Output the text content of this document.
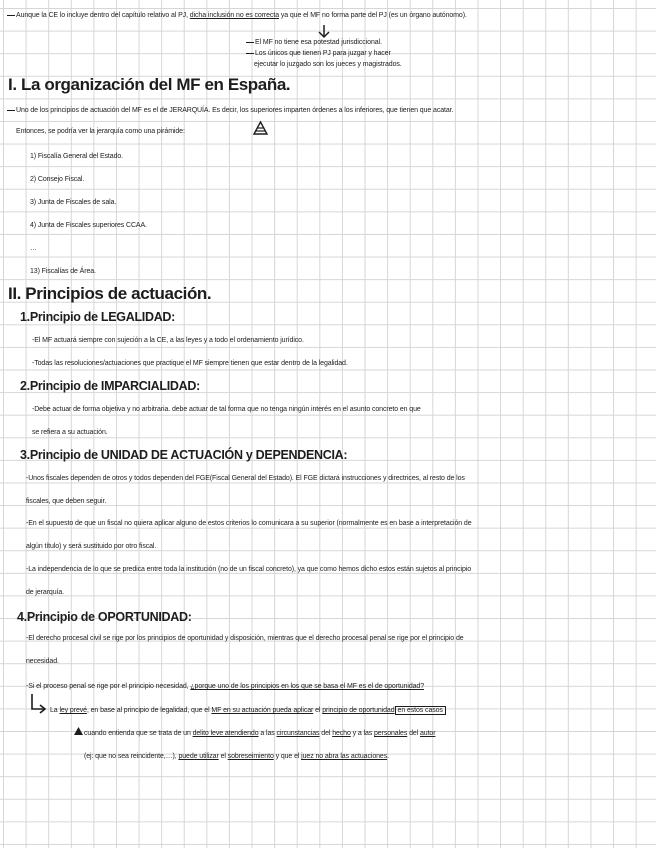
Aunque la CE lo incluye dentro del capítulo relativo al PJ, dicha inclusión no es correcta ya que el MF no forma parte del PJ (es un órgano autónomo).
El MF no tiene esa potestad jurisdiccional.
Los únicos que tienen PJ para juzgar y hacer
ejecutar lo juzgado son los jueces y magistrados.
I. La organización del MF en España.
Uno de los principios de actuación del MF es el de JERARQUÍA. Es decir, los superiores imparten órdenes a los inferiores, que tienen que acatar.
Entonces, se podría ver la jerarquía como una pirámide:
1) Fiscalía General del Estado.
2) Consejo Fiscal.
3) Junta de Fiscales de sala.
4) Junta de Fiscales superiores CCAA.
…
13) Fiscalías de Área.
II. Principios de actuación.
1.Principio de LEGALIDAD:
-El MF actuará siempre con sujeción a la CE, a las leyes y a todo el ordenamiento jurídico.
-Todas las resoluciones/actuaciones que practique el MF siempre tienen que estar dentro de la legalidad.
2.Principio de IMPARCIALIDAD:
-Debe actuar de forma objetiva y no arbitraria. debe actuar de tal forma que no tenga ningún interés en el asunto concreto en que
se refiera a su actuación.
3.Principio de UNIDAD DE ACTUACIÓN y DEPENDENCIA:
-Unos fiscales dependen de otros y todos dependen del FGE(Fiscal General del Estado). El FGE dictará instrucciones y directrices, al resto de los
fiscales, que deben seguir.
-En el supuesto de que un fiscal no quiera aplicar alguno de estos criterios lo comunicara a su superior (normalmente es en base a interpretación de
algún título) y será sustituido por otro fiscal.
-La independencia de lo que se predica entre toda la institución (no de un fiscal concreto), ya que como hemos dicho estos están sujetos al principio
de jerarquía.
4.Principio de OPORTUNIDAD:
-El derecho procesal civil se rige por los principios de oportunidad y disposición, mientras que el derecho procesal penal se rige por el principio de
necesidad.
-Si el proceso penal se rige por el principio necesidad, ¿porque uno de los principios en los que se basa el MF es el de oportunidad?
La ley prevé, en base al principio de legalidad, que el MF en su actuación pueda aplicar el principio de oportunidad en estos casos
cuando entienda que se trata de un delito leve atendiendo a las circunstancias del hecho y a las personales del autor
(ej: que no sea reincidente,…), puede utilizar el sobreseimiento y que el juez no abra las actuaciones.
